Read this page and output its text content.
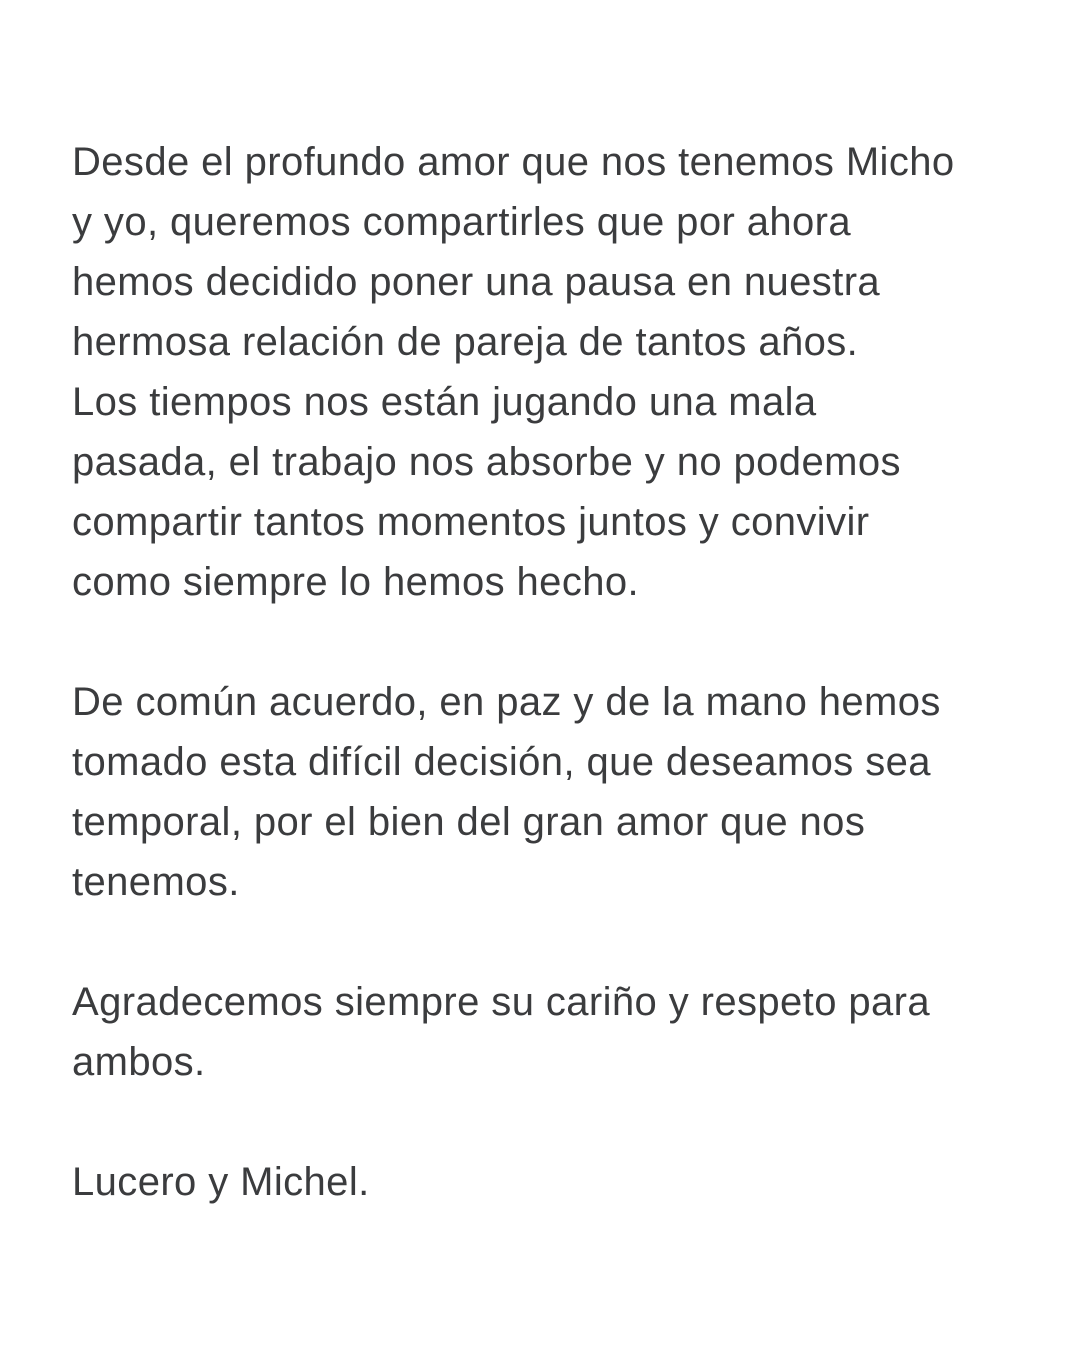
Desde el profundo amor que nos tenemos Micho
y yo, queremos compartirles que por ahora
hemos decidido poner una pausa en nuestra
hermosa relación de pareja de tantos años.
Los tiempos nos están jugando una mala
pasada, el trabajo nos absorbe y no podemos
compartir tantos momentos juntos y convivir
como siempre lo hemos hecho.
De común acuerdo, en paz y de la mano hemos
tomado esta difícil decisión, que deseamos sea
temporal, por el bien del gran amor que nos
tenemos.
Agradecemos siempre su cariño y respeto para
ambos.
Lucero y Michel.
